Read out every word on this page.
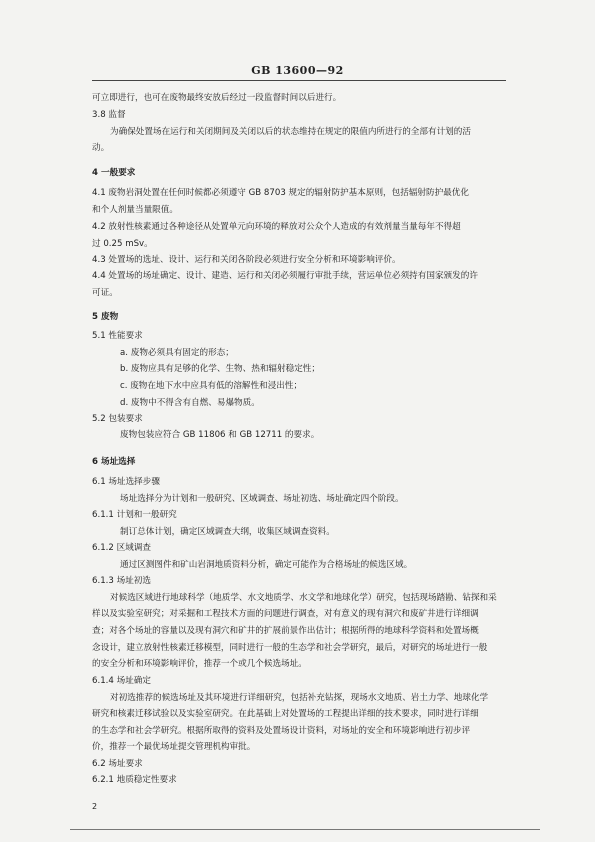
GB 13600—92
可立即进行，也可在废物最终安放后经过一段监督时间以后进行。
3.8 监督
为确保处置场在运行和关闭期间及关闭以后的状态维持在规定的限值内所进行的全部有计划的活
动。
4 一般要求
4.1 废物岩洞处置在任何时候都必须遵守 GB 8703 规定的辐射防护基本原则，包括辐射防护最优化
和个人剂量当量限值。
4.2 放射性核素通过各种途径从处置单元向环境的释放对公众个人造成的有效剂量当量每年不得超
过 0.25 mSv。
4.3 处置场的选址、设计、运行和关闭各阶段必须进行安全分析和环境影响评价。
4.4 处置场的场址确定、设计、建造、运行和关闭必须履行审批手续，营运单位必须持有国家颁发的许
可证。
5 废物
5.1 性能要求
a. 废物必须具有固定的形态；
b. 废物应具有足够的化学、生物、热和辐射稳定性；
c. 废物在地下水中应具有低的溶解性和浸出性；
d. 废物中不得含有自燃、易爆物质。
5.2 包装要求
废物包装应符合 GB 11806 和 GB 12711 的要求。
6 场址选择
6.1 场址选择步骤
场址选择分为计划和一般研究、区域调查、场址初选、场址确定四个阶段。
6.1.1 计划和一般研究
制订总体计划，确定区域调查大纲，收集区域调查资料。
6.1.2 区域调查
通过区测图件和矿山岩洞地质资料分析，确定可能作为合格场址的候选区域。
6.1.3 场址初选
对候选区域进行地球科学（地质学、水文地质学、水文学和地球化学）研究，包括现场踏勘、钻探和采
样以及实验室研究；对采掘和工程技术方面的问题进行调查，对有意义的现有洞穴和废矿井进行详细调
查；对各个场址的容量以及现有洞穴和矿井的扩展前景作出估计；根据所得的地球科学资料和处置场概
念设计，建立放射性核素迁移模型，同时进行一般的生态学和社会学研究，最后，对研究的场址进行一般
的安全分析和环境影响评价，推荐一个或几个候选场址。
6.1.4 场址确定
对初选推荐的候选场址及其环境进行详细研究，包括补充钻探，现场水文地质、岩土力学、地球化学
研究和核素迁移试验以及实验室研究。在此基础上对处置场的工程提出详细的技术要求，同时进行详细
的生态学和社会学研究。根据所取得的资料及处置场设计资料，对场址的安全和环境影响进行初步评
价，推荐一个最优场址提交管理机构审批。
6.2 场址要求
6.2.1 地质稳定性要求
2
